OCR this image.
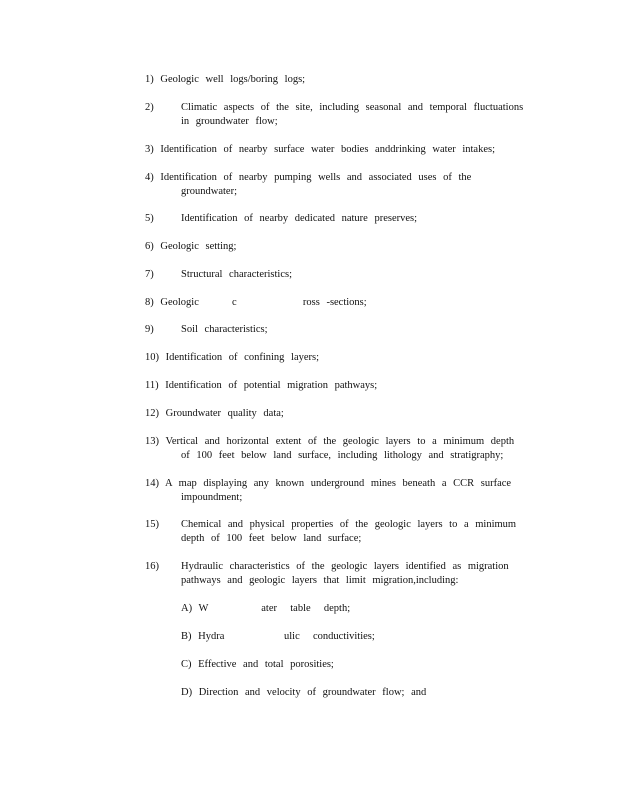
1) Geologic well logs/boring logs;
2)	Climatic aspects of the site, including seasonal and temporal fluctuations
in groundwater flow;
3) Identification of nearby surface water bodies anddrinking water intakes;
4) Identification of nearby pumping wells and associated uses of the
groundwater;
5)	Identification of nearby dedicated nature preserves;
6) Geologic setting;
7)	Structural characteristics;
8) Geologic     c          ross -sections;
9)	Soil characteristics;
10) Identification of confining layers;
11) Identification of potential migration pathways;
12) Groundwater quality data;
13) Vertical and horizontal extent of the geologic layers to a minimum depth
of 100 feet below land surface, including lithology and stratigraphy;
14) A map displaying any known underground mines beneath a CCR surface
impoundment;
15) Chemical and physical properties of the geologic layers to a minimum
depth of 100 feet below land surface;
16) Hydraulic characteristics of the geologic layers identified as migration
pathways and geologic layers that limit migration,including:
A) W        ater  table  depth;
B) Hydra         ulic  conductivities;
C) Effective and total porosities;
D) Direction and velocity of groundwater flow; and
